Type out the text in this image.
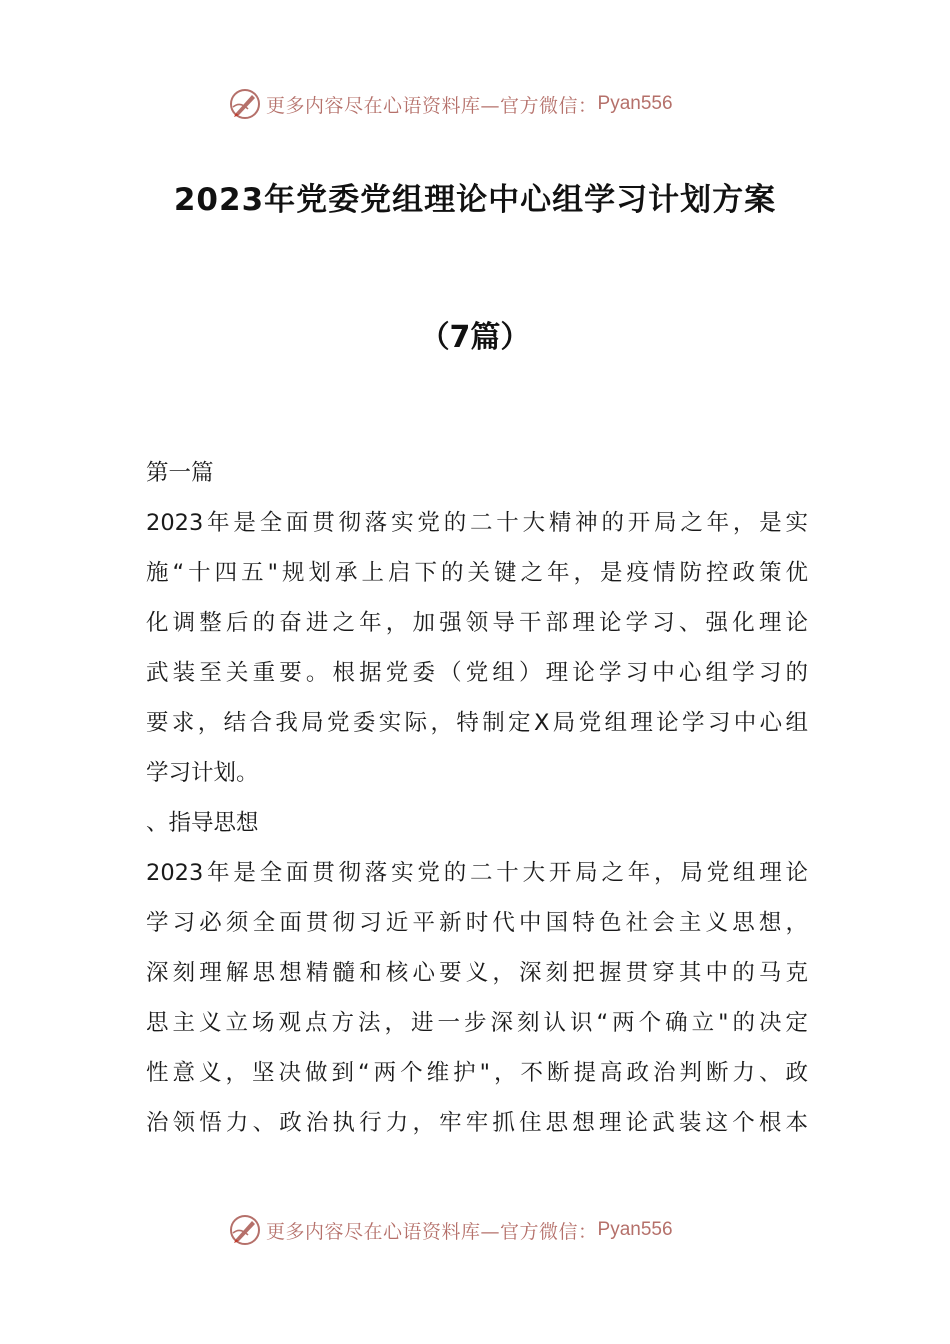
更多内容尽在心语资料库—官方微信： Pyan556
2023年党委党组理论中心组学习计划方案
（7篇）
第一篇
2023年是全面贯彻落实党的二十大精神的开局之年，是实
施“十四五"规划承上启下的关键之年，是疫情防控政策优
化调整后的奋进之年，加强领导干部理论学习、强化理论
武装至关重要。根据党委（党组）理论学习中心组学习的
要求，结合我局党委实际，特制定X局党组理论学习中心组
学习计划。
、指导思想
2023年是全面贯彻落实党的二十大开局之年，局党组理论
学习必须全面贯彻习近平新时代中国特色社会主义思想，
深刻理解思想精髓和核心要义，深刻把握贯穿其中的马克
思主义立场观点方法，进一步深刻认识“两个确立"的决定
性意义，坚决做到“两个维护"，不断提高政治判断力、政
治领悟力、政治执行力，牢牢抓住思想理论武装这个根本
更多内容尽在心语资料库—官方微信： Pyan556
